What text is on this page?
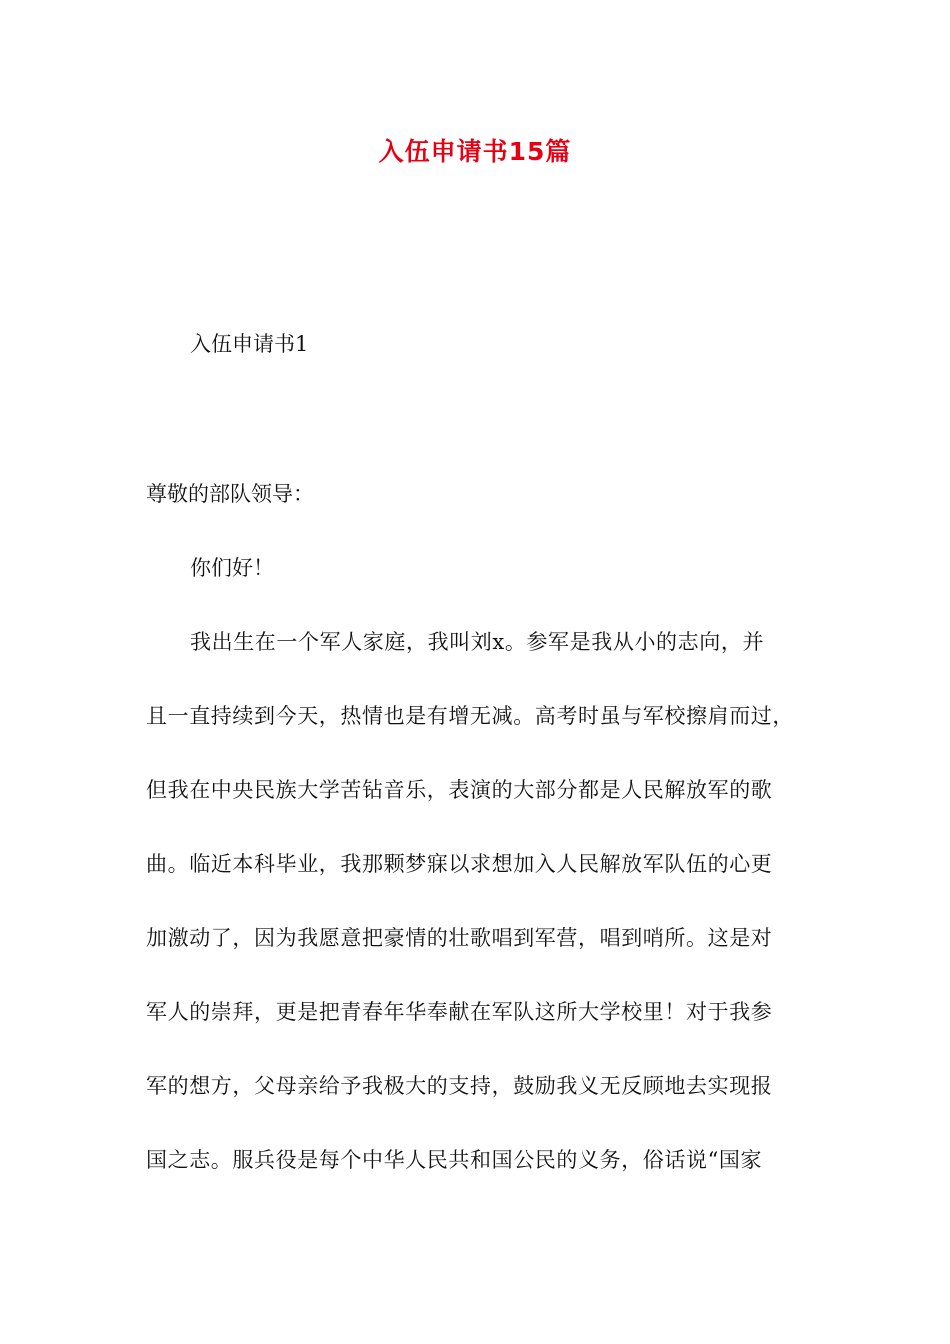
入伍申请书15篇
入伍申请书1
尊敬的部队领导：
你们好！
我出生在一个军人家庭，我叫刘x。参军是我从小的志向，并
且一直持续到今天，热情也是有增无减。高考时虽与军校擦肩而过，
但我在中央民族大学苦钻音乐，表演的大部分都是人民解放军的歌
曲。临近本科毕业，我那颗梦寐以求想加入人民解放军队伍的心更
加激动了，因为我愿意把豪情的壮歌唱到军营，唱到哨所。这是对
军人的崇拜，更是把青春年华奉献在军队这所大学校里！对于我参
军的想方，父母亲给予我极大的支持，鼓励我义无反顾地去实现报
国之志。服兵役是每个中华人民共和国公民的义务，俗话说“国家
